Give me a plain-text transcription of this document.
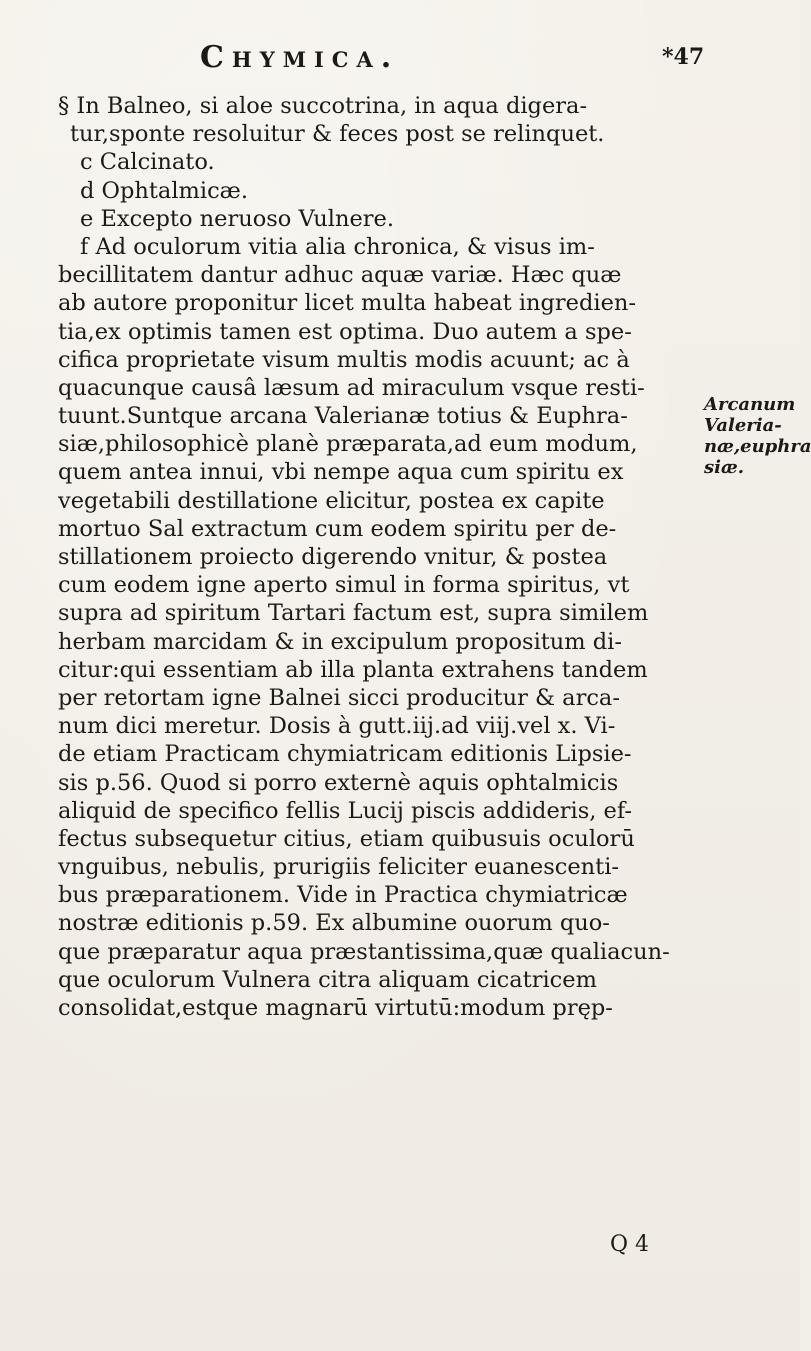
Chymica.	*47
§ In Balneo, si aloe succotrina, in aqua digera-
tur,sponte resoluitur & feces post se relinquet.
c Calcinato.
d Ophtalmicæ.
e Excepto neruoso Vulnere.
f Ad oculorum vitia alia chronica, & visus im-
becillitatem dantur adhuc aquæ variæ. Hæc quæ
ab autore proponitur licet multa habeat ingredien-
tia,ex optimis tamen est optima. Duo autem a spe-
cifica proprietate visum multis modis acuunt; ac à
quacunque causâ læsum ad miraculum vsque resti-
tuunt.Suntque arcana Valerianæ totius & Euphra-
siæ,philosophicè planè præparata,ad eum modum,
quem antea innui, vbi nempe aqua cum spiritu ex
vegetabili destillatione elicitur, postea ex capite
mortuo Sal extractum cum eodem spiritu per de-
stillationem proiecto digerendo vnitur, & postea
cum eodem igne aperto simul in forma spiritus, vt
supra ad spiritum Tartari factum est, supra similem
herbam marcidam & in excipulum propositum di-
citur:qui essentiam ab illa planta extrahens tandem
per retortam igne Balnei sicci producitur & arca-
num dici meretur. Dosis à gutt.iij.ad viij.vel x. Vi-
de etiam Practicam chymiatricam editionis Lipsie-
sis p.56. Quod si porro externè aquis ophtalmicis
aliquid de specifico fellis Lucij piscis addideris, ef-
fectus subsequetur citius, etiam quibusuis oculorū
vnguibus, nebulis, prurigiis feliciter euanescenti-
bus præparationem. Vide in Practica chymiatricæ
nostræ editionis p.59. Ex albumine ouorum quo-
que præparatur aqua præstantissima,quæ qualiacun-
que oculorum Vulnera citra aliquam cicatricem
consolidat,estque magnarū virtutū:modum pręp-
Arcanum
Valeria-
næ,euphra
siæ.
Q 4
